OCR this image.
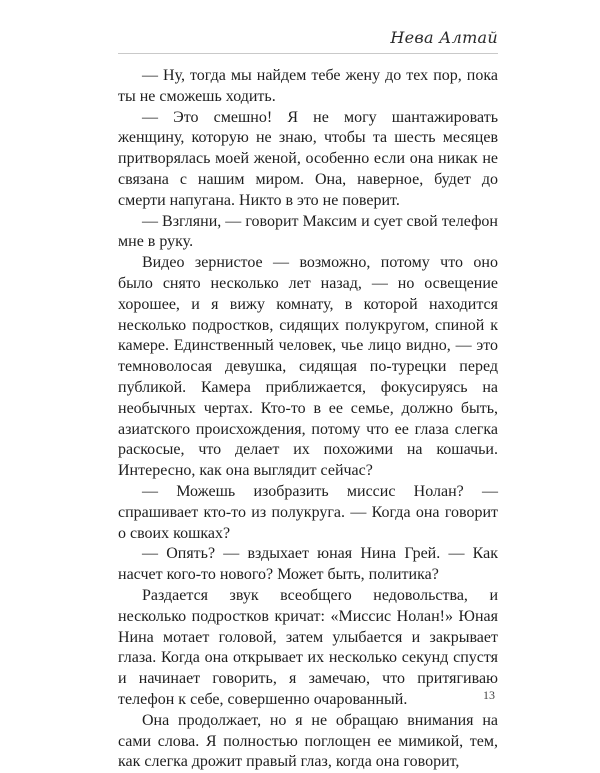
Нева Алтай

— Ну, тогда мы найдем тебе жену до тех пор, пока ты не сможешь ходить.

— Это смешно! Я не могу шантажировать женщину, которую не знаю, чтобы та шесть месяцев притворялась моей женой, особенно если она никак не связана с нашим миром. Она, наверное, будет до смерти напугана. Никто в это не поверит.

— Взгляни, — говорит Максим и сует свой телефон мне в руку.

Видео зернистое — возможно, потому что оно было снято несколько лет назад, — но освещение хорошее, и я вижу комнату, в которой находится несколько подростков, сидящих полукругом, спиной к камере. Единственный человек, чье лицо видно, — это темноволосая девушка, сидящая по-турецки перед публикой. Камера приближается, фокусируясь на необычных чертах. Кто-то в ее семье, должно быть, азиатского происхождения, потому что ее глаза слегка раскосые, что делает их похожими на кошачьи. Интересно, как она выглядит сейчас?

— Можешь изобразить миссис Нолан? — спрашивает кто-то из полукруга. — Когда она говорит о своих кошках?

— Опять? — вздыхает юная Нина Грей. — Как насчет кого-то нового? Может быть, политика?

Раздается звук всеобщего недовольства, и несколько подростков кричат: «Миссис Нолан!» Юная Нина мотает головой, затем улыбается и закрывает глаза. Когда она открывает их несколько секунд спустя и начинает говорить, я замечаю, что притягиваю телефон к себе, совершенно очарованный.

Она продолжает, но я не обращаю внимания на сами слова. Я полностью поглощен ее мимикой, тем, как слегка дрожит правый глаз, когда она говорит,

13
